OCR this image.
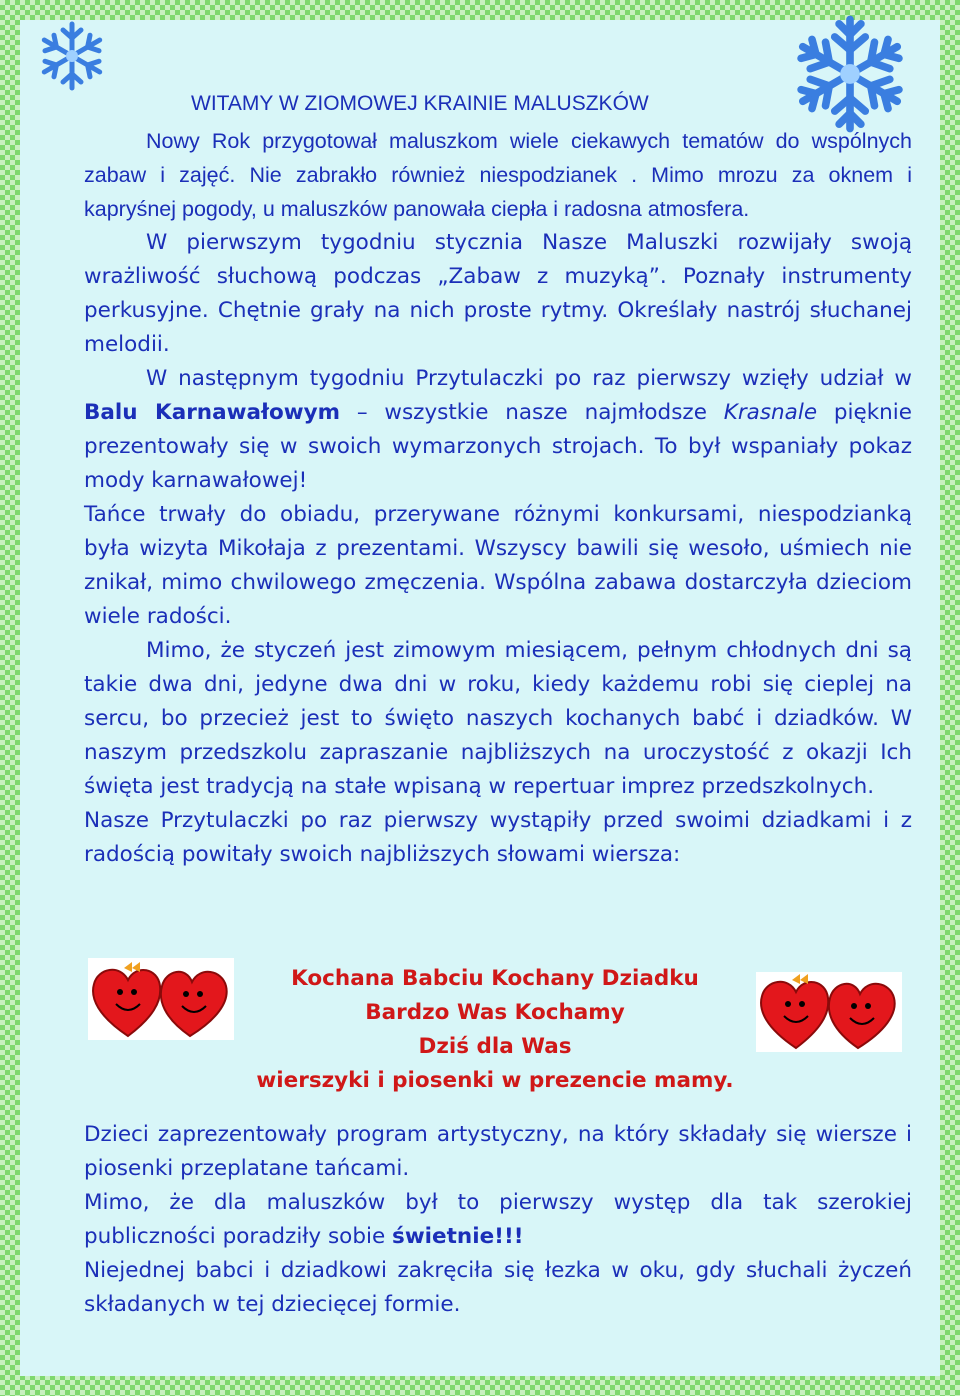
WITAMY W ZIOMOWEJ KRAINIE MALUSZKÓW

Nowy Rok przygotował maluszkom wiele ciekawych tematów do wspólnych zabaw i zajęć. Nie zabrakło również niespodzianek . Mimo mrozu za oknem i kapryśnej pogody, u maluszków panowała ciepła i radosna atmosfera.

W pierwszym tygodniu stycznia Nasze Maluszki rozwijały swoją wrażliwość słuchową podczas „Zabaw z muzyką”. Poznały instrumenty perkusyjne. Chętnie grały na nich proste rytmy. Określały nastrój słuchanej melodii.

W następnym tygodniu Przytulaczki po raz pierwszy wzięły udział w Balu Karnawałowym – wszystkie nasze najmłodsze Krasnale pięknie prezentowały się w swoich wymarzonych strojach. To był wspaniały pokaz mody karnawałowej!

Tańce trwały do obiadu, przerywane różnymi konkursami, niespodzianką była wizyta Mikołaja z prezentami. Wszyscy bawili się wesoło, uśmiech nie znikał, mimo chwilowego zmęczenia. Wspólna zabawa dostarczyła dzieciom wiele radości.

Mimo, że styczeń jest zimowym miesiącem, pełnym chłodnych dni są takie dwa dni, jedyne dwa dni w roku, kiedy każdemu robi się cieplej na sercu, bo przecież jest to święto naszych kochanych babć i dziadków. W naszym przedszkolu zapraszanie najbliższych na uroczystość z okazji Ich święta jest tradycją na stałe wpisaną w repertuar imprez przedszkolnych.

Nasze Przytulaczki po raz pierwszy wystąpiły przed swoimi dziadkami i z radością powitały swoich najbliższych słowami wiersza:

Kochana Babciu Kochany Dziadku
Bardzo Was Kochamy
Dziś dla Was
wierszyki i piosenki w prezencie mamy.

Dzieci zaprezentowały program artystyczny, na który składały się wiersze i piosenki przeplatane tańcami.

Mimo, że dla maluszków był to pierwszy występ dla tak szerokiej publiczności poradziły sobie świetnie!!!

Niejednej babci i dziadkowi zakręciła się łezka w oku, gdy słuchali życzeń składanych w tej dziecięcej formie.
